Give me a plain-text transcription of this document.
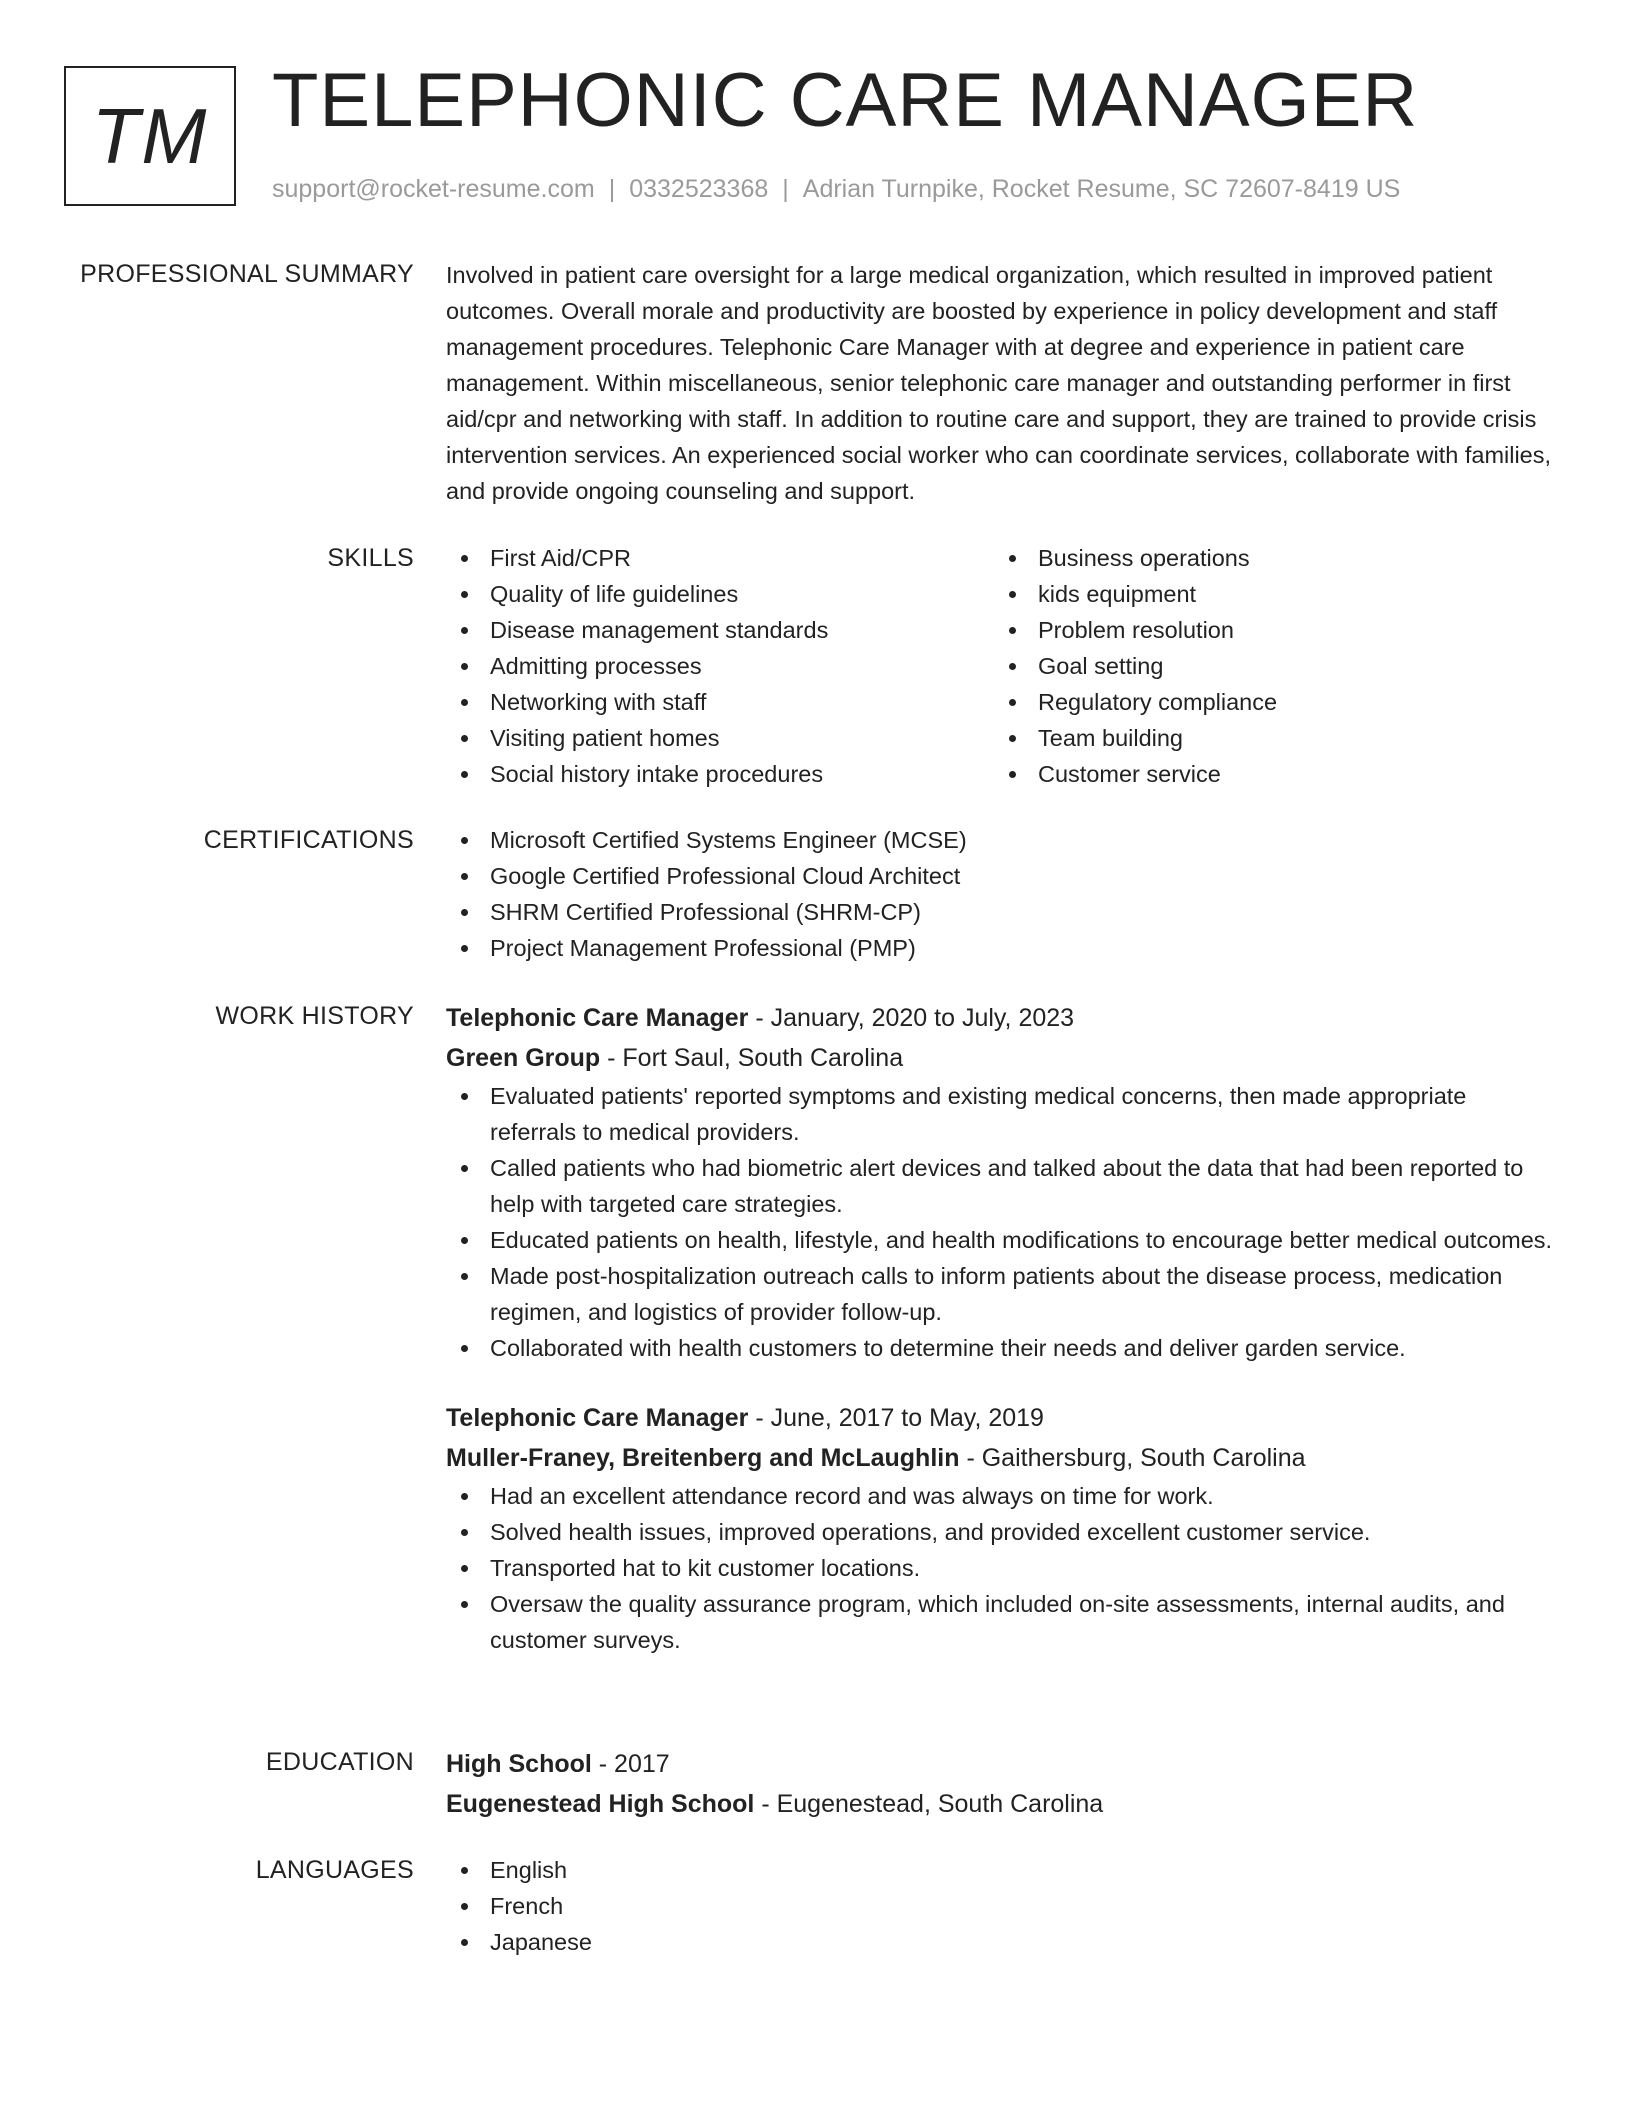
TM TELEPHONIC CARE MANAGER
support@rocket-resume.com | 0332523368 | Adrian Turnpike, Rocket Resume, SC 72607-8419 US
PROFESSIONAL SUMMARY Involved in patient care oversight for a large medical organization, which resulted in improved patient outcomes. Overall morale and productivity are boosted by experience in policy development and staff management procedures. Telephonic Care Manager with at degree and experience in patient care management. Within miscellaneous, senior telephonic care manager and outstanding performer in first aid/cpr and networking with staff. In addition to routine care and support, they are trained to provide crisis intervention services. An experienced social worker who can coordinate services, collaborate with families, and provide ongoing counseling and support.

SKILLS	First Aid/CPR
Quality of life guidelines
Disease management standards
Admitting processes
Networking with staff
Visiting patient homes
Social history intake procedures
Business operations
kids equipment
Problem resolution
Goal setting
Regulatory compliance
Team building
Customer service
CERTIFICATIONS	Microsoft Certified Systems Engineer (MCSE)
Google Certified Professional Cloud Architect
SHRM Certified Professional (SHRM-CP)
Project Management Professional (PMP)
WORK HISTORY Telephonic Care Manager - January, 2020 to July, 2023
Green Group - Fort Saul, South Carolina
Evaluated patients' reported symptoms and existing medical concerns, then made appropriate referrals to medical providers.
Called patients who had biometric alert devices and talked about the data that had been reported to help with targeted care strategies.
Educated patients on health, lifestyle, and health modifications to encourage better medical outcomes.
Made post-hospitalization outreach calls to inform patients about the disease process, medication regimen, and logistics of provider follow-up.
Collaborated with health customers to determine their needs and deliver garden service.
Telephonic Care Manager - June, 2017 to May, 2019
Muller-Franey, Breitenberg and McLaughlin - Gaithersburg, South Carolina
Had an excellent attendance record and was always on time for work.
Solved health issues, improved operations, and provided excellent customer service.
Transported hat to kit customer locations.
Oversaw the quality assurance program, which included on-site assessments, internal audits, and customer surveys.
EDUCATION High School - 2017
Eugenestead High School - Eugenestead, South Carolina
LANGUAGES	English
French
Japanese
